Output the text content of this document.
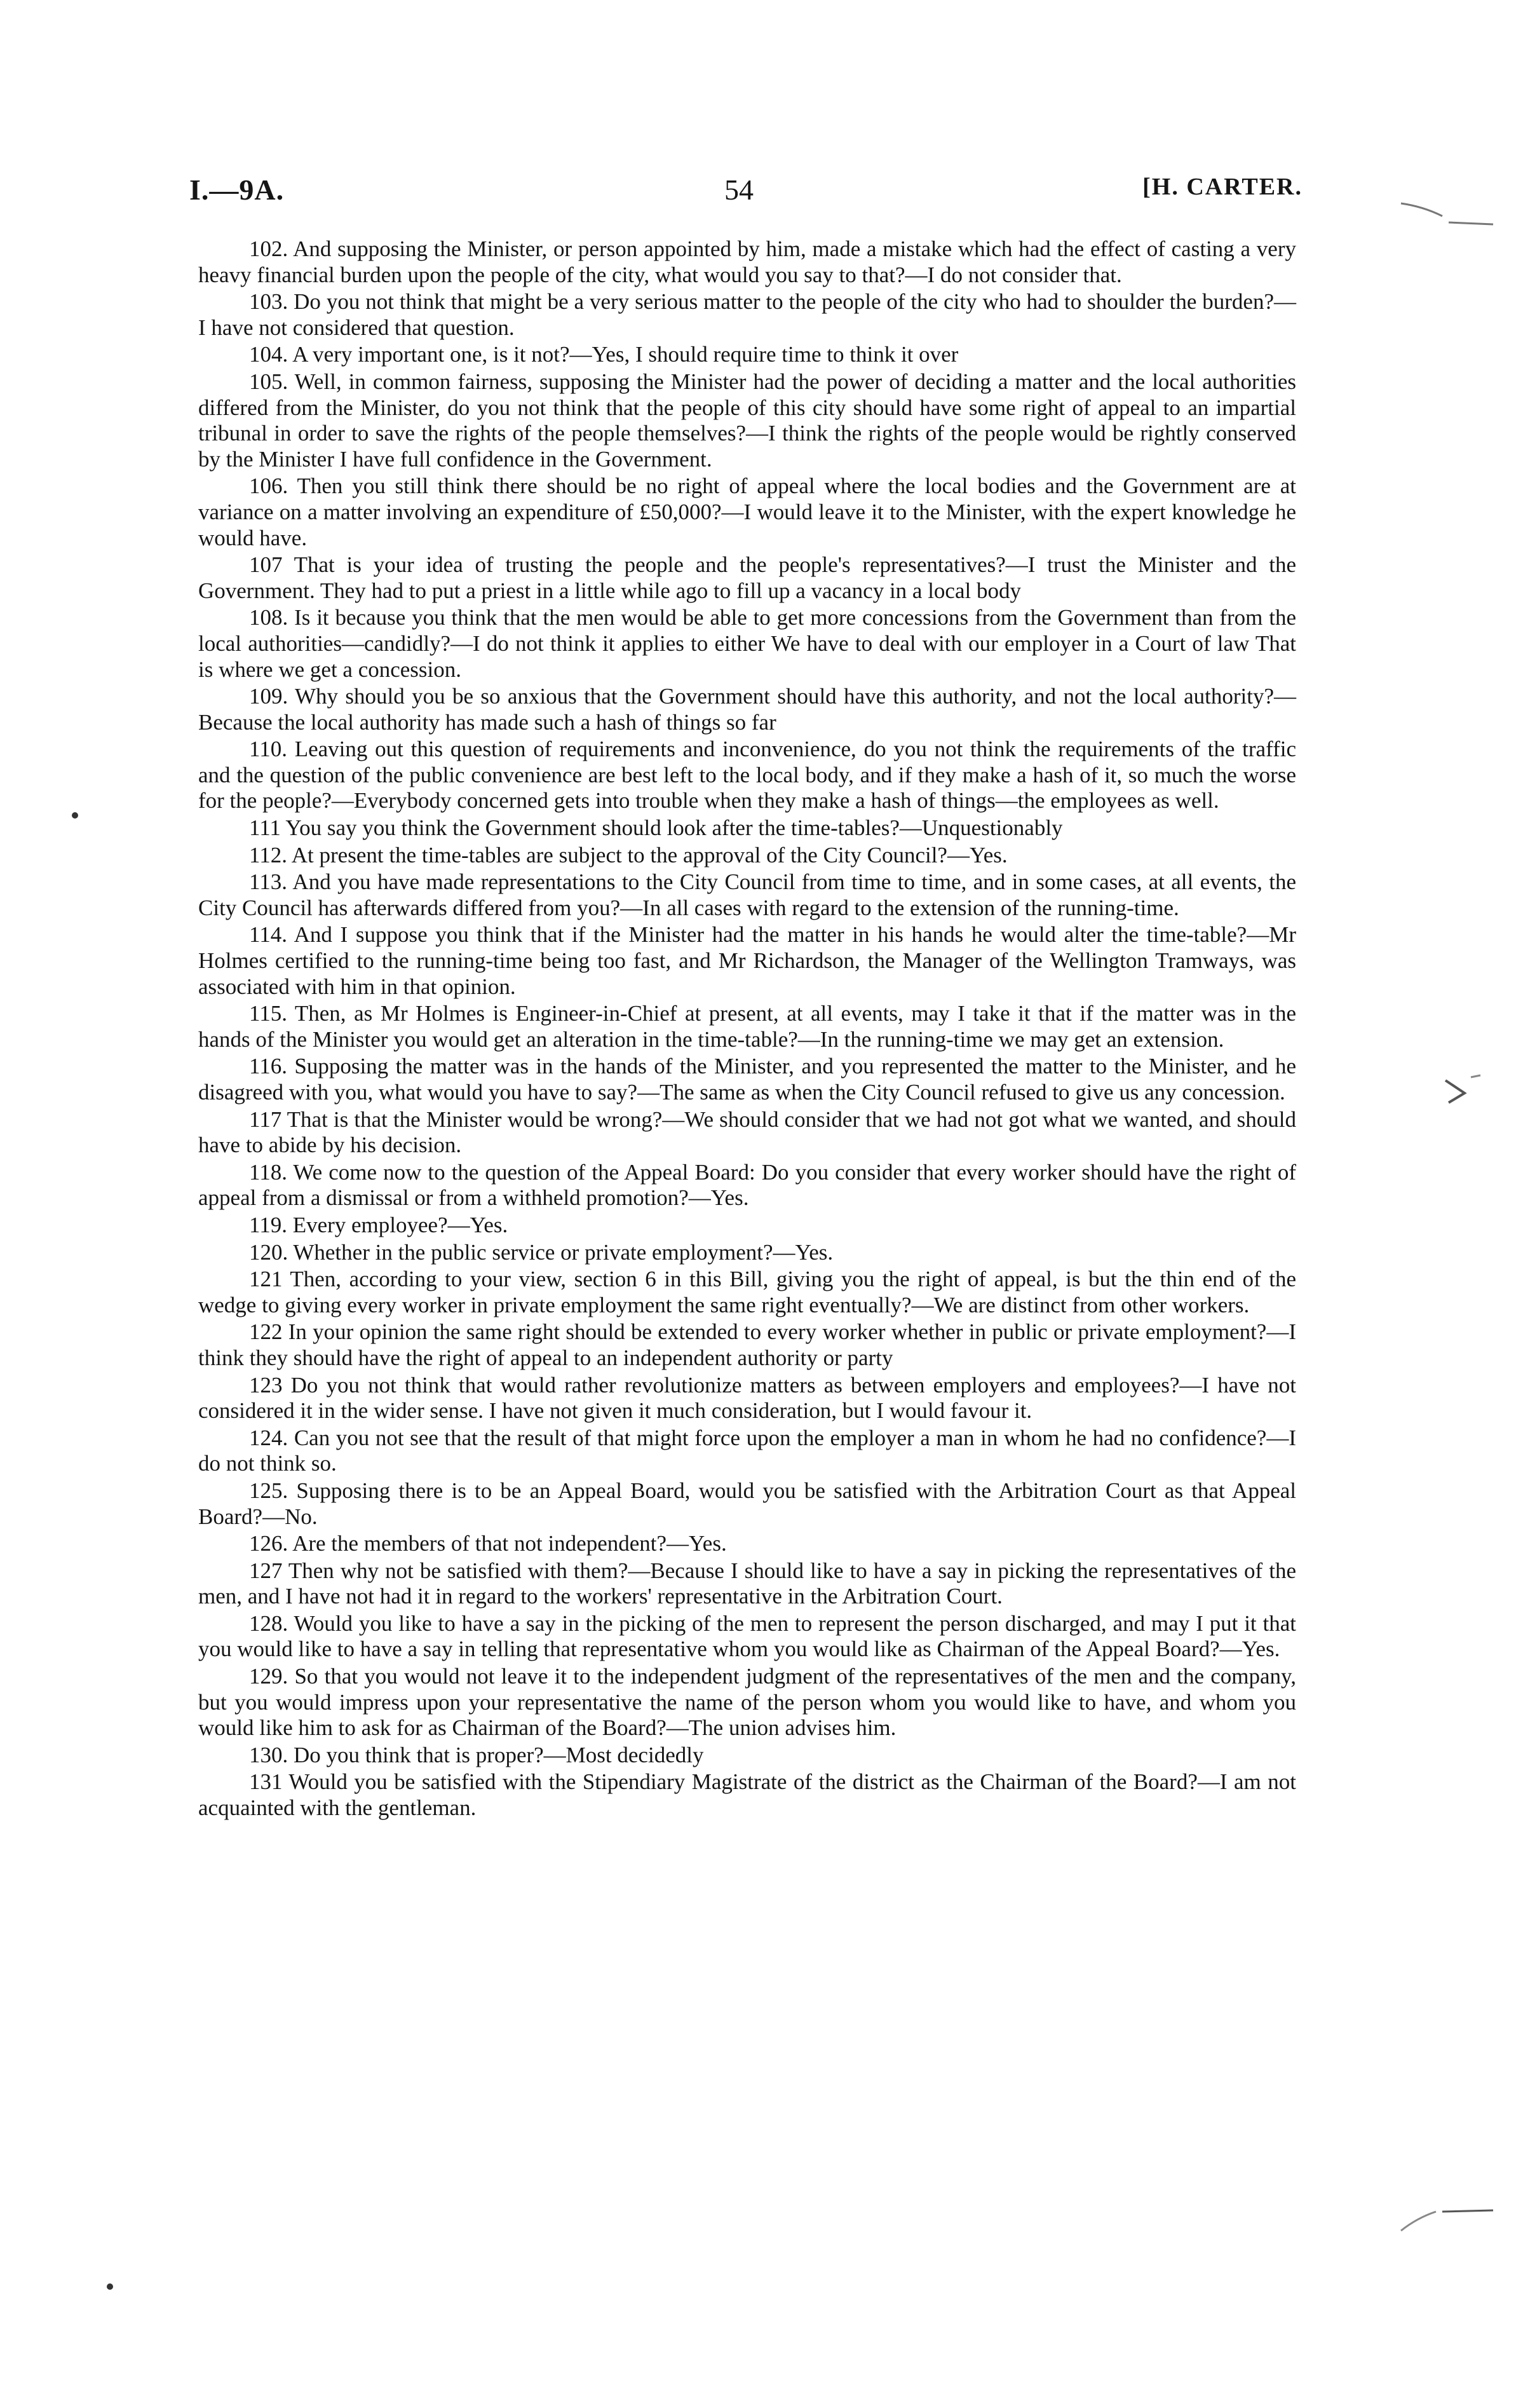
I.—9A.	54	[H. CARTER.

102. And supposing the Minister, or person appointed by him, made a mistake which had the effect of casting a very heavy financial burden upon the people of the city, what would you say to that?—I do not consider that.

103. Do you not think that might be a very serious matter to the people of the city who had to shoulder the burden?—I have not considered that question.

104. A very important one, is it not?—Yes, I should require time to think it over

105. Well, in common fairness, supposing the Minister had the power of deciding a matter and the local authorities differed from the Minister, do you not think that the people of this city should have some right of appeal to an impartial tribunal in order to save the rights of the people themselves?—I think the rights of the people would be rightly conserved by the Minister I have full confidence in the Government.

106. Then you still think there should be no right of appeal where the local bodies and the Government are at variance on a matter involving an expenditure of £50,000?—I would leave it to the Minister, with the expert knowledge he would have.

107 That is your idea of trusting the people and the people's representatives?—I trust the Minister and the Government. They had to put a priest in a little while ago to fill up a vacancy in a local body

108. Is it because you think that the men would be able to get more concessions from the Government than from the local authorities—candidly?—I do not think it applies to either We have to deal with our employer in a Court of law That is where we get a concession.

109. Why should you be so anxious that the Government should have this authority, and not the local authority?—Because the local authority has made such a hash of things so far

110. Leaving out this question of requirements and inconvenience, do you not think the requirements of the traffic and the question of the public convenience are best left to the local body, and if they make a hash of it, so much the worse for the people?—Everybody concerned gets into trouble when they make a hash of things—the employees as well.

111 You say you think the Government should look after the time-tables?—Unquestionably

112. At present the time-tables are subject to the approval of the City Council?—Yes.

113. And you have made representations to the City Council from time to time, and in some cases, at all events, the City Council has afterwards differed from you?—In all cases with regard to the extension of the running-time.

114. And I suppose you think that if the Minister had the matter in his hands he would alter the time-table?—Mr Holmes certified to the running-time being too fast, and Mr Richardson, the Manager of the Wellington Tramways, was associated with him in that opinion.

115. Then, as Mr Holmes is Engineer-in-Chief at present, at all events, may I take it that if the matter was in the hands of the Minister you would get an alteration in the time-table?—In the running-time we may get an extension.

116. Supposing the matter was in the hands of the Minister, and you represented the matter to the Minister, and he disagreed with you, what would you have to say?—The same as when the City Council refused to give us any concession.

117 That is that the Minister would be wrong?—We should consider that we had not got what we wanted, and should have to abide by his decision.

118. We come now to the question of the Appeal Board: Do you consider that every worker should have the right of appeal from a dismissal or from a withheld promotion?—Yes.

119. Every employee?—Yes.

120. Whether in the public service or private employment?—Yes.

121 Then, according to your view, section 6 in this Bill, giving you the right of appeal, is but the thin end of the wedge to giving every worker in private employment the same right eventually?—We are distinct from other workers.

122 In your opinion the same right should be extended to every worker whether in public or private employment?—I think they should have the right of appeal to an independent authority or party

123 Do you not think that would rather revolutionize matters as between employers and employees?—I have not considered it in the wider sense. I have not given it much consideration, but I would favour it.

124. Can you not see that the result of that might force upon the employer a man in whom he had no confidence?—I do not think so.

125. Supposing there is to be an Appeal Board, would you be satisfied with the Arbitration Court as that Appeal Board?—No.

126. Are the members of that not independent?—Yes.

127 Then why not be satisfied with them?—Because I should like to have a say in picking the representatives of the men, and I have not had it in regard to the workers' representative in the Arbitration Court.

128. Would you like to have a say in the picking of the men to represent the person discharged, and may I put it that you would like to have a say in telling that representative whom you would like as Chairman of the Appeal Board?—Yes.

129. So that you would not leave it to the independent judgment of the representatives of the men and the company, but you would impress upon your representative the name of the person whom you would like to have, and whom you would like him to ask for as Chairman of the Board?—The union advises him.

130. Do you think that is proper?—Most decidedly

131 Would you be satisfied with the Stipendiary Magistrate of the district as the Chairman of the Board?—I am not acquainted with the gentleman.
